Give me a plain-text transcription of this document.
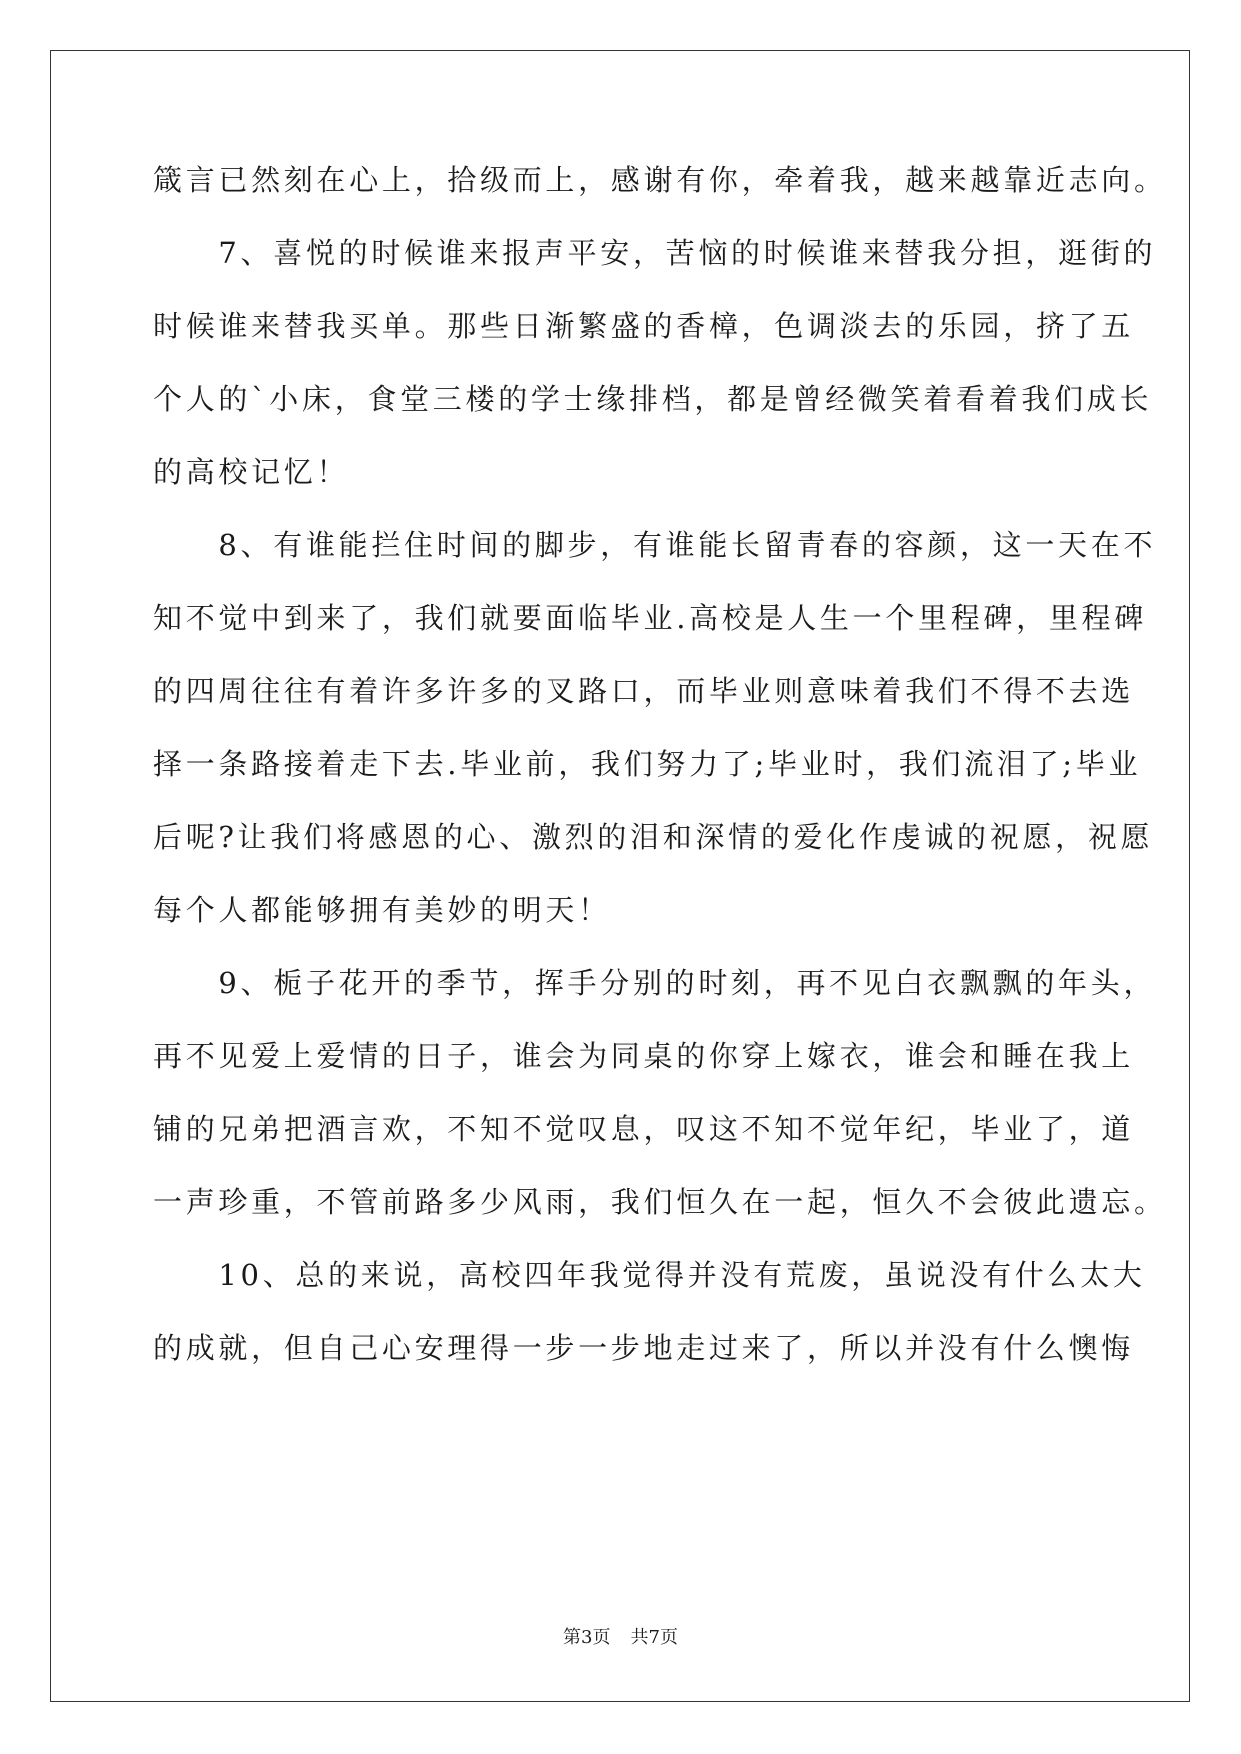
箴言已然刻在心上，拾级而上，感谢有你，牵着我，越来越靠近志向。
　　7、喜悦的时候谁来报声平安，苦恼的时候谁来替我分担，逛街的
时候谁来替我买单。那些日渐繁盛的香樟，色调淡去的乐园，挤了五
个人的`小床，食堂三楼的学士缘排档，都是曾经微笑着看着我们成长
的高校记忆！
　　8、有谁能拦住时间的脚步，有谁能长留青春的容颜，这一天在不
知不觉中到来了，我们就要面临毕业.高校是人生一个里程碑，里程碑
的四周往往有着许多许多的叉路口，而毕业则意味着我们不得不去选
择一条路接着走下去.毕业前，我们努力了;毕业时，我们流泪了;毕业
后呢?让我们将感恩的心、激烈的泪和深情的爱化作虔诚的祝愿，祝愿
每个人都能够拥有美妙的明天！
　　9、栀子花开的季节，挥手分别的时刻，再不见白衣飘飘的年头，
再不见爱上爱情的日子，谁会为同桌的你穿上嫁衣，谁会和睡在我上
铺的兄弟把酒言欢，不知不觉叹息，叹这不知不觉年纪，毕业了，道
一声珍重，不管前路多少风雨，我们恒久在一起，恒久不会彼此遗忘。
　　10、总的来说，高校四年我觉得并没有荒废，虽说没有什么太大
的成就，但自己心安理得一步一步地走过来了，所以并没有什么懊悔
第3页 共7页
